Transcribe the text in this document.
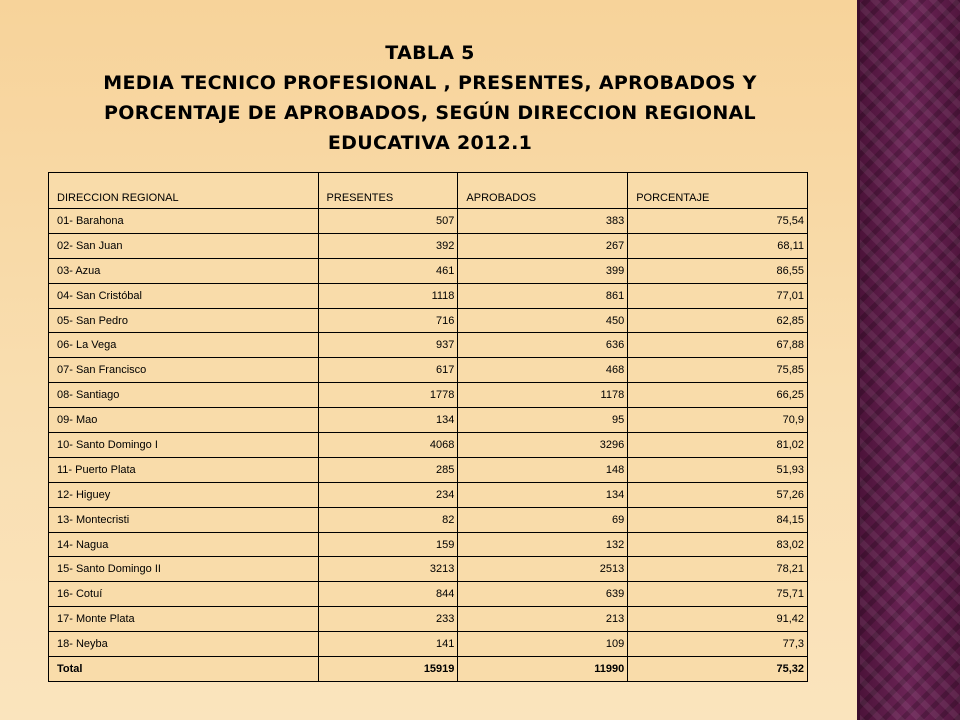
TABLA 5
MEDIA TECNICO PROFESIONAL , PRESENTES, APROBADOS Y
PORCENTAJE DE APROBADOS, SEGÚN DIRECCION REGIONAL
EDUCATIVA 2012.1
DIRECCION REGIONAL	PRESENTES	APROBADOS	PORCENTAJE
01- Barahona	507	383	75,54
02- San Juan	392	267	68,11
03- Azua	461	399	86,55
04- San Cristóbal	1118	861	77,01
05- San Pedro	716	450	62,85
06- La Vega	937	636	67,88
07- San Francisco	617	468	75,85
08- Santiago	1778	1178	66,25
09- Mao	134	95	70,9
10- Santo Domingo I	4068	3296	81,02
11- Puerto Plata	285	148	51,93
12- Higuey	234	134	57,26
13- Montecristi	82	69	84,15
14- Nagua	159	132	83,02
15- Santo Domingo II	3213	2513	78,21
16- Cotuí	844	639	75,71
17- Monte Plata	233	213	91,42
18- Neyba	141	109	77,3
Total	15919	11990	75,32
